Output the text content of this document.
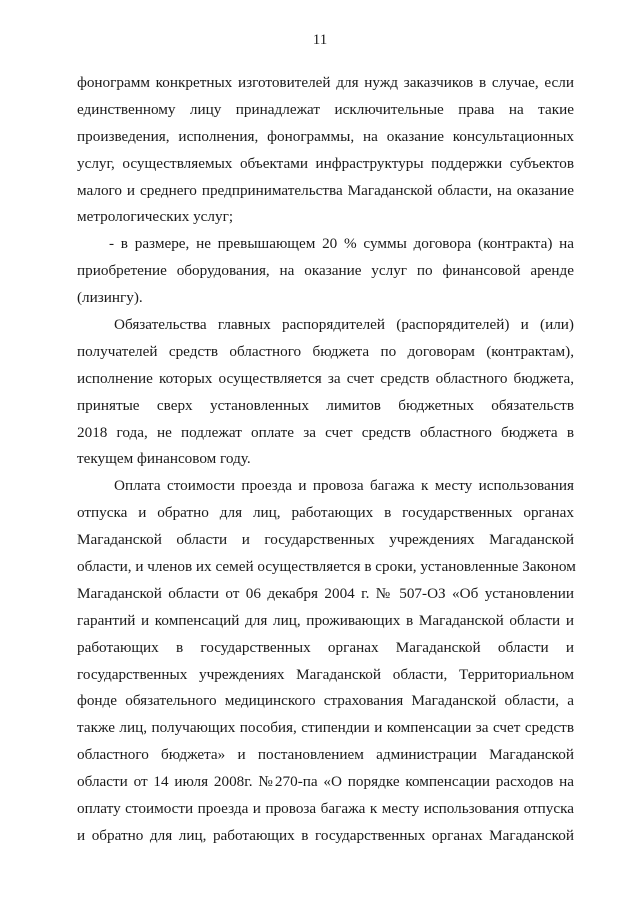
11
фонограмм конкретных изготовителей для нужд заказчиков в случае, если
единственному лицу принадлежат исключительные права на такие
произведения, исполнения, фонограммы, на оказание консультационных
услуг, осуществляемых объектами инфраструктуры поддержки субъектов
малого и среднего предпринимательства Магаданской области, на оказание
метрологических услуг;
- в размере, не превышающем 20 % суммы договора (контракта) на
приобретение оборудования, на оказание услуг по финансовой аренде
(лизингу).
Обязательства главных распорядителей (распорядителей) и (или)
получателей средств областного бюджета по договорам (контрактам),
исполнение которых осуществляется за счет средств областного бюджета,
принятые сверх установленных лимитов бюджетных обязательств
2018 года, не подлежат оплате за счет средств областного бюджета в
текущем финансовом году.
Оплата стоимости проезда и провоза багажа к месту использования
отпуска и обратно для лиц, работающих в государственных органах
Магаданской области и государственных учреждениях Магаданской
области, и членов их семей осуществляется в сроки, установленные Законом
Магаданской области от 06 декабря 2004 г. № 507-ОЗ «Об установлении
гарантий и компенсаций для лиц, проживающих в Магаданской области и
работающих в государственных органах Магаданской области и
государственных учреждениях Магаданской области, Территориальном
фонде обязательного медицинского страхования Магаданской области, а
также лиц, получающих пособия, стипендии и компенсации за счет средств
областного бюджета» и постановлением администрации Магаданской
области от 14 июля 2008г. №270-па «О порядке компенсации расходов на
оплату стоимости проезда и провоза багажа к месту использования отпуска
и обратно для лиц, работающих в государственных органах Магаданской
